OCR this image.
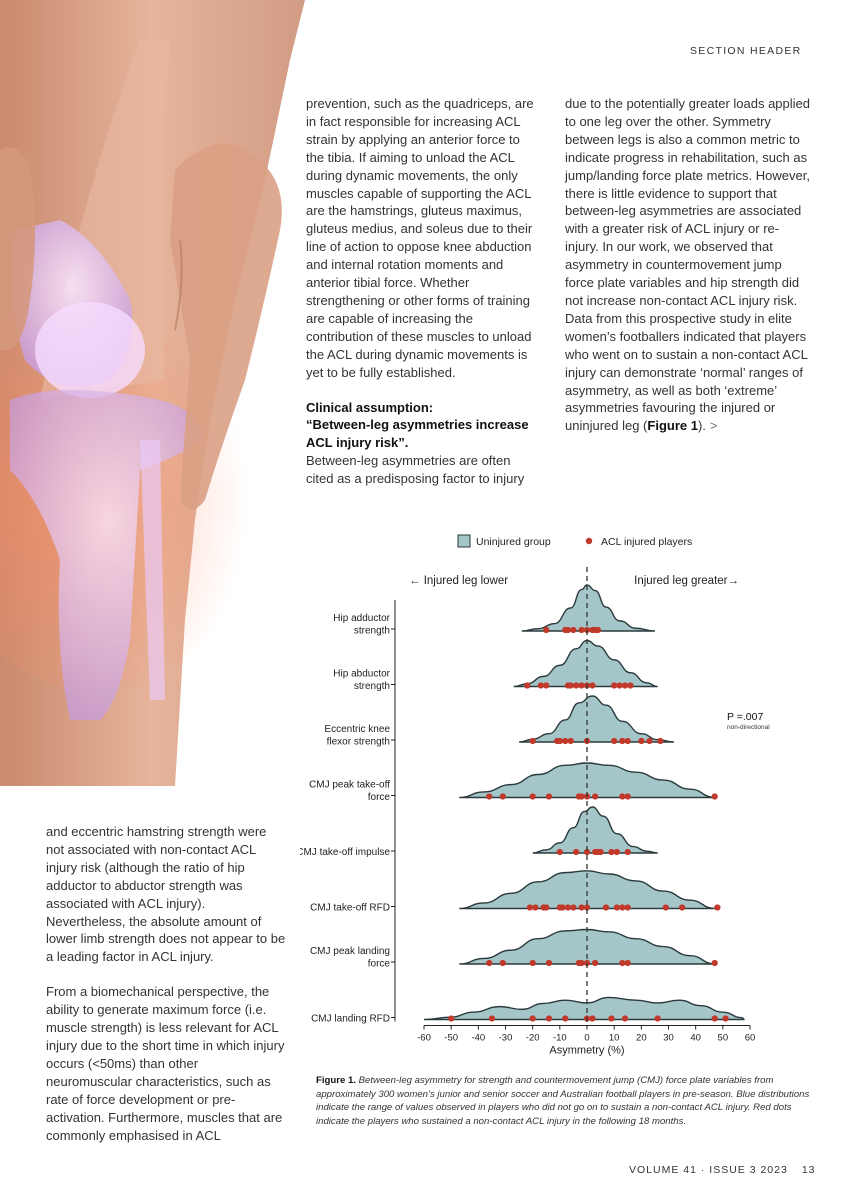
SECTION HEADER

prevention, such as the quadriceps, are in fact responsible for increasing ACL strain by applying an anterior force to the tibia. If aiming to unload the ACL during dynamic movements, the only muscles capable of supporting the ACL are the hamstrings, gluteus maximus, gluteus medius, and soleus due to their line of action to oppose knee abduction and internal rotation moments and anterior tibial force. Whether strengthening or other forms of training are capable of increasing the contribution of these muscles to unload the ACL during dynamic movements is yet to be fully established.

Clinical assumption:
“Between-leg asymmetries increase ACL injury risk”.

Between-leg asymmetries are often cited as a predisposing factor to injury

due to the potentially greater loads applied to one leg over the other. Symmetry between legs is also a common metric to indicate progress in rehabilitation, such as jump/landing force plate metrics. However, there is little evidence to support that between-leg asymmetries are associated with a greater risk of ACL injury or re-injury. In our work, we observed that asymmetry in countermovement jump force plate variables and hip strength did not increase non-contact ACL injury risk. Data from this prospective study in elite women’s footballers indicated that players who went on to sustain a non-contact ACL injury can demonstrate ‘normal’ ranges of asymmetry, as well as both ‘extreme’ asymmetries favouring the injured or uninjured leg (Figure 1). >

and eccentric hamstring strength were not associated with non-contact ACL injury risk (although the ratio of hip adductor to abductor strength was associated with ACL injury). Nevertheless, the absolute amount of lower limb strength does not appear to be a leading factor in ACL injury.

From a biomechanical perspective, the ability to generate maximum force (i.e. muscle strength) is less relevant for ACL injury due to the short time in which injury occurs (<50ms) than other neuromuscular characteristics, such as rate of force development or pre-activation. Furthermore, muscles that are commonly emphasised in ACL

Uninjured group	ACL injured players
← Injured leg lower	Injured leg greater→
Hip adductor
strength
Hip abductor
strength
Eccentric knee
flexor strength
CMJ peak take-off
force
CMJ take-off impulse
CMJ take-off RFD
CMJ peak landing
force
CMJ landing RFD
-60 -50 -40 -30 -20 -10 0 10 20 30 40 50 60
P =.007
non-directional
Asymmetry (%)
Figure 1. Between-leg asymmetry for strength and countermovement jump (CMJ) force plate variables from approximately 300 women’s junior and senior soccer and Australian football players in pre-season. Blue distributions indicate the range of values observed in players who did not go on to sustain a non-contact ACL injury. Red dots indicate the players who sustained a non-contact ACL injury in the following 18 months.
VOLUME 41 · ISSUE 3 2023 13
